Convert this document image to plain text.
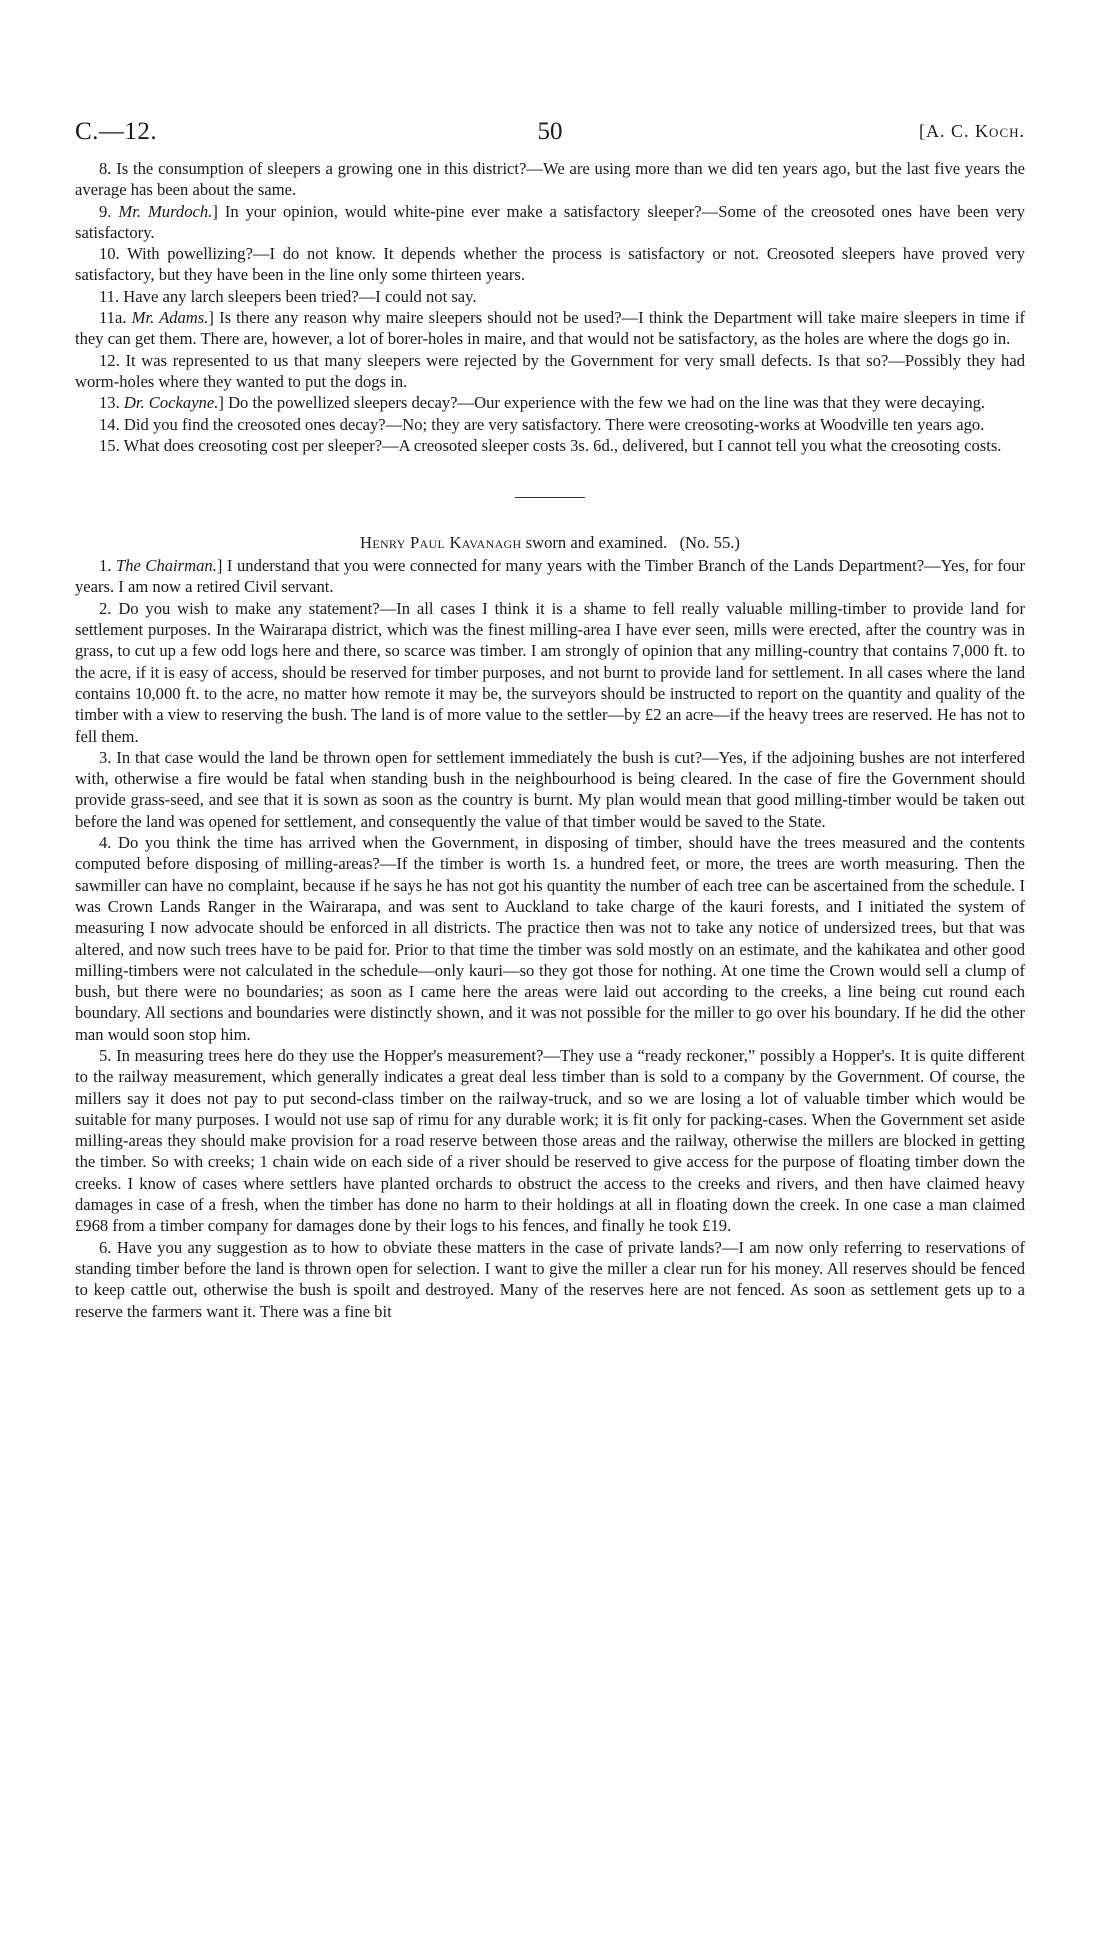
C.—12.	50	[A. C. Koch.

8. Is the consumption of sleepers a growing one in this district?—We are using more than we did ten years ago, but the last five years the average has been about the same.

9. Mr. Murdoch.] In your opinion, would white-pine ever make a satisfactory sleeper?—Some of the creosoted ones have been very satisfactory.

10. With powellizing?—I do not know. It depends whether the process is satisfactory or not. Creosoted sleepers have proved very satisfactory, but they have been in the line only some thirteen years.

11. Have any larch sleepers been tried?—I could not say.

11a. Mr. Adams.] Is there any reason why maire sleepers should not be used?—I think the Department will take maire sleepers in time if they can get them. There are, however, a lot of borer-holes in maire, and that would not be satisfactory, as the holes are where the dogs go in.

12. It was represented to us that many sleepers were rejected by the Government for very small defects. Is that so?—Possibly they had worm-holes where they wanted to put the dogs in.

13. Dr. Cockayne.] Do the powellized sleepers decay?—Our experience with the few we had on the line was that they were decaying.

14. Did you find the creosoted ones decay?—No; they are very satisfactory. There were creosoting-works at Woodville ten years ago.

15. What does creosoting cost per sleeper?—A creosoted sleeper costs 3s. 6d., delivered, but I cannot tell you what the creosoting costs.

Henry Paul Kavanagh sworn and examined. (No. 55.)

1. The Chairman.] I understand that you were connected for many years with the Timber Branch of the Lands Department?—Yes, for four years. I am now a retired Civil servant.

2. Do you wish to make any statement?—In all cases I think it is a shame to fell really valuable milling-timber to provide land for settlement purposes. In the Wairarapa district, which was the finest milling-area I have ever seen, mills were erected, after the country was in grass, to cut up a few odd logs here and there, so scarce was timber. I am strongly of opinion that any milling-country that contains 7,000 ft. to the acre, if it is easy of access, should be reserved for timber purposes, and not burnt to provide land for settlement. In all cases where the land contains 10,000 ft. to the acre, no matter how remote it may be, the surveyors should be instructed to report on the quantity and quality of the timber with a view to reserving the bush. The land is of more value to the settler—by £2 an acre—if the heavy trees are reserved. He has not to fell them.

3. In that case would the land be thrown open for settlement immediately the bush is cut?—Yes, if the adjoining bushes are not interfered with, otherwise a fire would be fatal when standing bush in the neighbourhood is being cleared. In the case of fire the Government should provide grass-seed, and see that it is sown as soon as the country is burnt. My plan would mean that good milling-timber would be taken out before the land was opened for settlement, and consequently the value of that timber would be saved to the State.

4. Do you think the time has arrived when the Government, in disposing of timber, should have the trees measured and the contents computed before disposing of milling-areas?—If the timber is worth 1s. a hundred feet, or more, the trees are worth measuring. Then the sawmiller can have no complaint, because if he says he has not got his quantity the number of each tree can be ascertained from the schedule. I was Crown Lands Ranger in the Wairarapa, and was sent to Auckland to take charge of the kauri forests, and I initiated the system of measuring I now advocate should be enforced in all districts. The practice then was not to take any notice of undersized trees, but that was altered, and now such trees have to be paid for. Prior to that time the timber was sold mostly on an estimate, and the kahikatea and other good milling-timbers were not calculated in the schedule—only kauri—so they got those for nothing. At one time the Crown would sell a clump of bush, but there were no boundaries; as soon as I came here the areas were laid out according to the creeks, a line being cut round each boundary. All sections and boundaries were distinctly shown, and it was not possible for the miller to go over his boundary. If he did the other man would soon stop him.

5. In measuring trees here do they use the Hopper's measurement?—They use a “ready reckoner,” possibly a Hopper's. It is quite different to the railway measurement, which generally indicates a great deal less timber than is sold to a company by the Government. Of course, the millers say it does not pay to put second-class timber on the railway-truck, and so we are losing a lot of valuable timber which would be suitable for many purposes. I would not use sap of rimu for any durable work; it is fit only for packing-cases. When the Government set aside milling-areas they should make provision for a road reserve between those areas and the railway, otherwise the millers are blocked in getting the timber. So with creeks; 1 chain wide on each side of a river should be reserved to give access for the purpose of floating timber down the creeks. I know of cases where settlers have planted orchards to obstruct the access to the creeks and rivers, and then have claimed heavy damages in case of a fresh, when the timber has done no harm to their holdings at all in floating down the creek. In one case a man claimed £968 from a timber company for damages done by their logs to his fences, and finally he took £19.

6. Have you any suggestion as to how to obviate these matters in the case of private lands?—I am now only referring to reservations of standing timber before the land is thrown open for selection. I want to give the miller a clear run for his money. All reserves should be fenced to keep cattle out, otherwise the bush is spoilt and destroyed. Many of the reserves here are not fenced. As soon as settlement gets up to a reserve the farmers want it. There was a fine bit
